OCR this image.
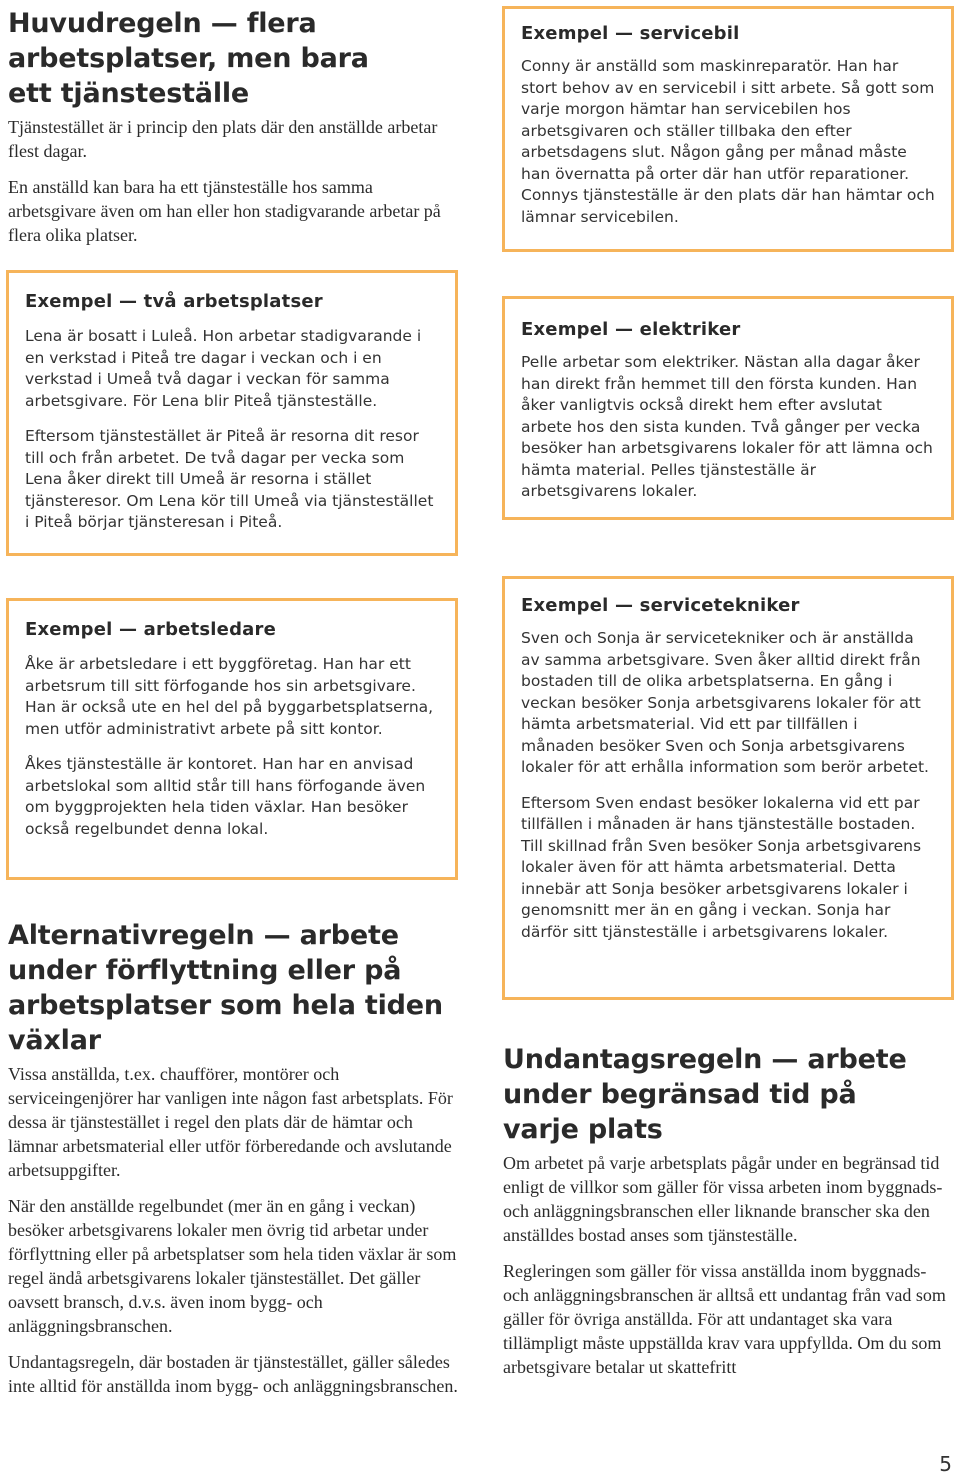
Huvudregeln — flera arbetsplatser, men bara ett tjänsteställe

Tjänstestället är i princip den plats där den anställde arbetar flest dagar.

En anställd kan bara ha ett tjänsteställe hos samma arbetsgivare även om han eller hon stadigvarande arbetar på flera olika platser.

Exempel — servicebil

Conny är anställd som maskinreparatör. Han har stort behov av en servicebil i sitt arbete. Så gott som varje morgon hämtar han servicebilen hos arbetsgivaren och ställer tillbaka den efter arbetsdagens slut. Någon gång per månad måste han övernatta på orter där han utför reparationer. Connys tjänsteställe är den plats där han hämtar och lämnar servicebilen.

Exempel — två arbetsplatser

Lena är bosatt i Luleå. Hon arbetar stadigvarande i en verkstad i Piteå tre dagar i veckan och i en verkstad i Umeå två dagar i veckan för samma arbetsgivare. För Lena blir Piteå tjänsteställe.

Eftersom tjänstestället är Piteå är resorna dit resor till och från arbetet. De två dagar per vecka som Lena åker direkt till Umeå är resorna i stället tjänsteresor. Om Lena kör till Umeå via tjänstestället i Piteå börjar tjänsteresan i Piteå.

Exempel — elektriker

Pelle arbetar som elektriker. Nästan alla dagar åker han direkt från hemmet till den första kunden. Han åker vanligtvis också direkt hem efter avslutat arbete hos den sista kunden. Två gånger per vecka besöker han arbetsgivarens lokaler för att lämna och hämta material. Pelles tjänsteställe är arbetsgivarens lokaler.

Exempel — arbetsledare

Åke är arbetsledare i ett byggföretag. Han har ett arbetsrum till sitt förfogande hos sin arbetsgivare. Han är också ute en hel del på byggarbetsplatserna, men utför administrativt arbete på sitt kontor.

Åkes tjänsteställe är kontoret. Han har en anvisad arbetslokal som alltid står till hans förfogande även om byggprojekten hela tiden växlar. Han besöker också regelbundet denna lokal.

Exempel — servicetekniker

Sven och Sonja är servicetekniker och är anställda av samma arbetsgivare. Sven åker alltid direkt från bostaden till de olika arbetsplatserna. En gång i veckan besöker Sonja arbetsgivarens lokaler för att hämta arbetsmaterial. Vid ett par tillfällen i månaden besöker Sven och Sonja arbetsgivarens lokaler för att erhålla information som berör arbetet.

Eftersom Sven endast besöker lokalerna vid ett par tillfällen i månaden är hans tjänsteställe bostaden. Till skillnad från Sven besöker Sonja arbetsgivarens lokaler även för att hämta arbetsmaterial. Detta innebär att Sonja besöker arbetsgivarens lokaler i genomsnitt mer än en gång i veckan. Sonja har därför sitt tjänsteställe i arbetsgivarens lokaler.

Alternativregeln — arbete under förflyttning eller på arbetsplatser som hela tiden växlar

Vissa anställda, t.ex. chaufförer, montörer och serviceingenjörer har vanligen inte någon fast arbetsplats. För dessa är tjänstestället i regel den plats där de hämtar och lämnar arbetsmaterial eller utför förberedande och avslutande arbetsuppgifter.

När den anställde regelbundet (mer än en gång i veckan) besöker arbetsgivarens lokaler men övrig tid arbetar under förflyttning eller på arbetsplatser som hela tiden växlar är som regel ändå arbetsgivarens lokaler tjänstestället. Det gäller oavsett bransch, d.v.s. även inom bygg- och anläggningsbranschen.

Undantagsregeln, där bostaden är tjänstestället, gäller således inte alltid för anställda inom bygg- och anläggningsbranschen.

Undantagsregeln — arbete under begränsad tid på varje plats

Om arbetet på varje arbetsplats pågår under en begränsad tid enligt de villkor som gäller för vissa arbeten inom byggnads- och anläggningsbranschen eller liknande branscher ska den anställdes bostad anses som tjänsteställe.

Regleringen som gäller för vissa anställda inom byggnads- och anläggningsbranschen är alltså ett undantag från vad som gäller för övriga anställda. För att undantaget ska vara tillämpligt måste uppställda krav vara uppfyllda. Om du som arbetsgivare betalar ut skattefritt

5
